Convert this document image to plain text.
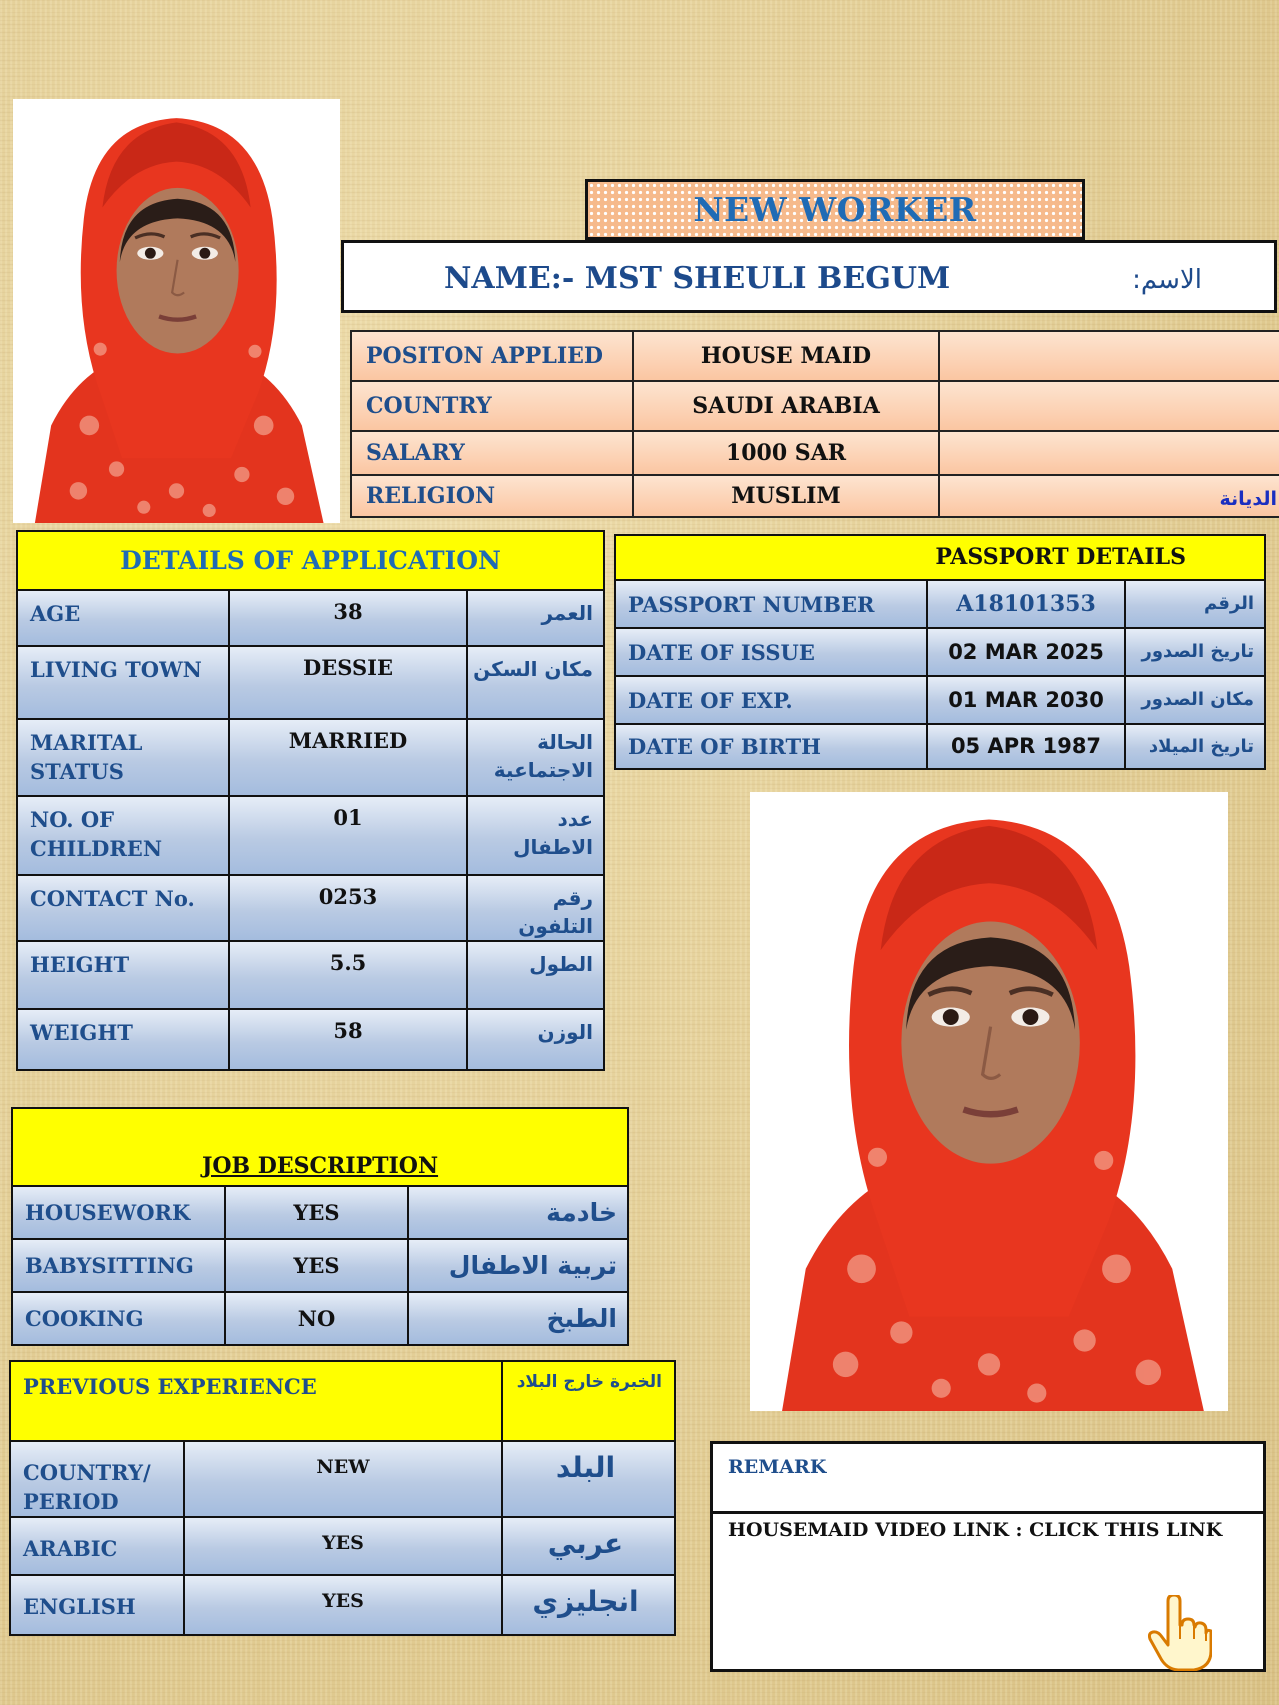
NEW WORKER
NAME:- MST SHEULI BEGUM	الاسم:
POSITON APPLIED	HOUSE MAID	
COUNTRY	SAUDI ARABIA	
SALARY	1000 SAR	
RELIGION	MUSLIM	الديانة
DETAILS OF APPLICATION		
AGE	38	العمر
LIVING TOWN	DESSIE	مكان السكن
MARITAL STATUS	MARRIED	الحالة الاجتماعية
NO. OF CHILDREN	01	عدد الاطفال
CONTACT No.	0253	رقم التلفون
HEIGHT	5.5	الطول
WEIGHT	58	الوزن
PASSPORT DETAILS		
PASSPORT NUMBER	A18101353	الرقم
DATE OF ISSUE	02 MAR 2025	تاريخ الصدور
DATE OF EXP.	01 MAR 2030	مكان الصدور
DATE OF BIRTH	05 APR 1987	تاريخ الميلاد
JOB DESCRIPTION		
HOUSEWORK	YES	خادمة
BABYSITTING	YES	تربية الاطفال
COOKING	NO	الطبخ
PREVIOUS EXPERIENCE		الخبرة خارج البلاد
COUNTRY/ PERIOD	NEW	البلد
ARABIC	YES	عربي
ENGLISH	YES	انجليزي
REMARK
HOUSEMAID VIDEO LINK : CLICK THIS LINK
